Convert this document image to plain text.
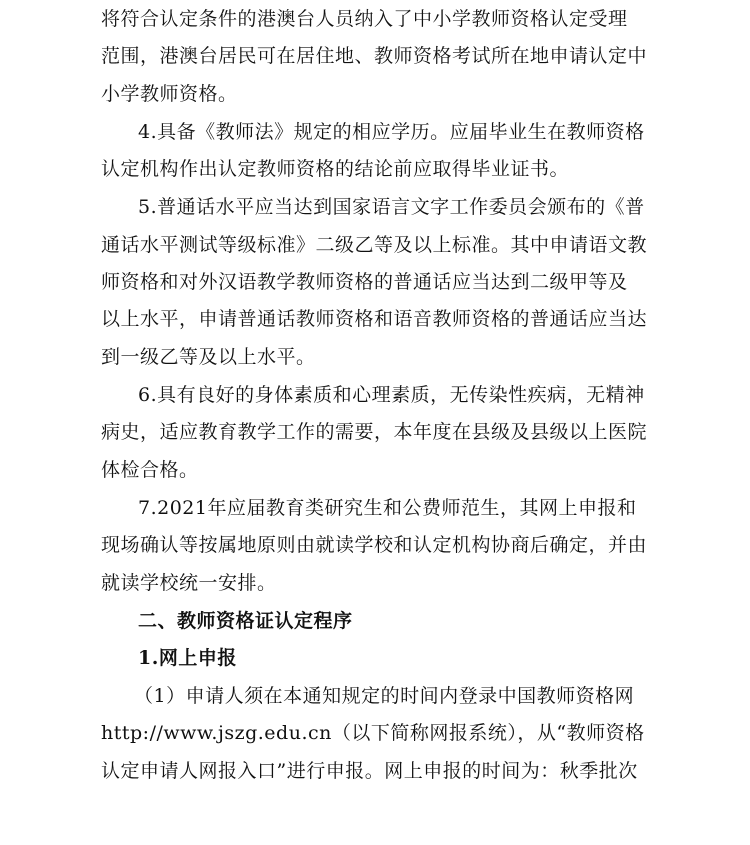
将符合认定条件的港澳台人员纳入了中小学教师资格认定受理
范围，港澳台居民可在居住地、教师资格考试所在地申请认定中
小学教师资格。
4.具备《教师法》规定的相应学历。应届毕业生在教师资格
认定机构作出认定教师资格的结论前应取得毕业证书。
5.普通话水平应当达到国家语言文字工作委员会颁布的《普
通话水平测试等级标准》二级乙等及以上标准。其中申请语文教
师资格和对外汉语教学教师资格的普通话应当达到二级甲等及
以上水平，申请普通话教师资格和语音教师资格的普通话应当达
到一级乙等及以上水平。
6.具有良好的身体素质和心理素质，无传染性疾病，无精神
病史，适应教育教学工作的需要，本年度在县级及县级以上医院
体检合格。
7.2021年应届教育类研究生和公费师范生，其网上申报和
现场确认等按属地原则由就读学校和认定机构协商后确定，并由
就读学校统一安排。
二、教师资格证认定程序
1.网上申报
（1）申请人须在本通知规定的时间内登录中国教师资格网
http://www.jszg.edu.cn（以下简称网报系统），从“教师资格
认定申请人网报入口”进行申报。网上申报的时间为：秋季批次
